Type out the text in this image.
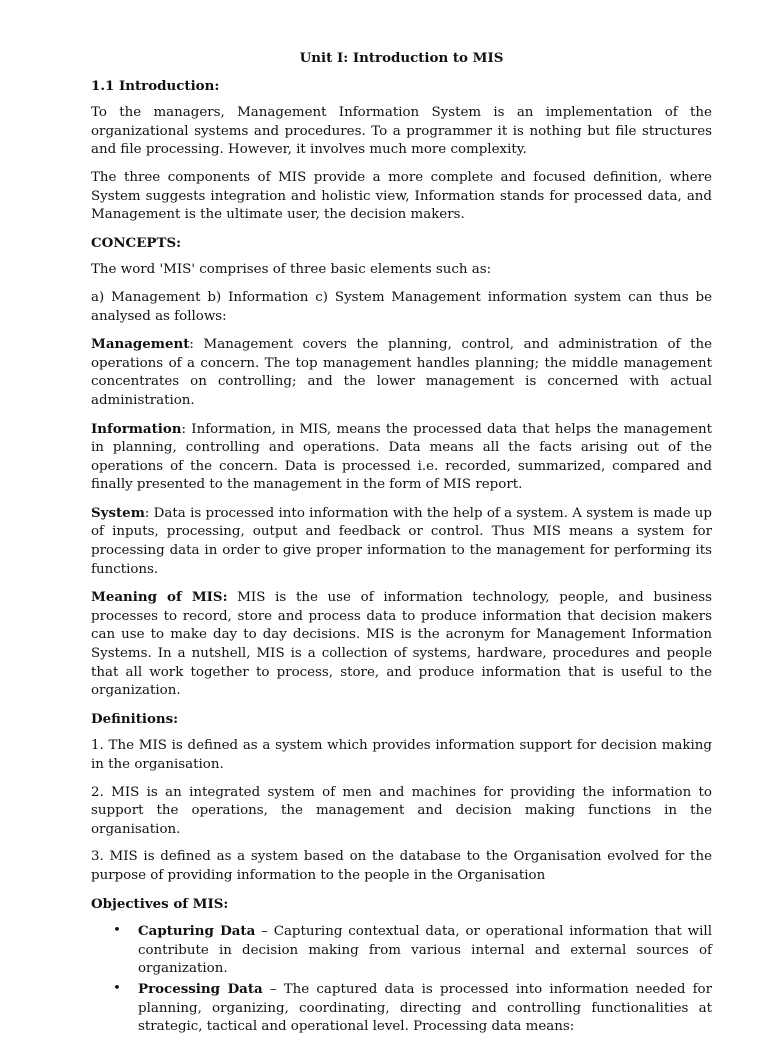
Unit I: Introduction to MIS
1.1 Introduction:

To the managers, Management Information System is an implementation of the organizational systems and procedures. To a programmer it is nothing but file structures and file processing. However, it involves much more complexity.

The three components of MIS provide a more complete and focused definition, where System suggests integration and holistic view, Information stands for processed data, and Management is the ultimate user, the decision makers.

CONCEPTS:

The word 'MIS' comprises of three basic elements such as:

a) Management b) Information c) System Management information system can thus be analysed as follows:

Management: Management covers the planning, control, and administration of the operations of a concern. The top management handles planning; the middle management concentrates on controlling; and the lower management is concerned with actual administration.

Information: Information, in MIS, means the processed data that helps the management in planning, controlling and operations. Data means all the facts arising out of the operations of the concern. Data is processed i.e. recorded, summarized, compared and finally presented to the management in the form of MIS report.

System: Data is processed into information with the help of a system. A system is made up of inputs, processing, output and feedback or control. Thus MIS means a system for processing data in order to give proper information to the management for performing its functions.

Meaning of MIS: MIS is the use of information technology, people, and business processes to record, store and process data to produce information that decision makers can use to make day to day decisions. MIS is the acronym for Management Information Systems. In a nutshell, MIS is a collection of systems, hardware, procedures and people that all work together to process, store, and produce information that is useful to the organization.

Definitions:

1. The MIS is defined as a system which provides information support for decision making in the organisation.

2. MIS is an integrated system of men and machines for providing the information to support the operations, the management and decision making functions in the organisation.

3. MIS is defined as a system based on the database to the Organisation evolved for the purpose of providing information to the people in the Organisation

Objectives of MIS:
• Capturing Data – Capturing contextual data, or operational information that will contribute in decision making from various internal and external sources of organization.
• Processing Data – The captured data is processed into information needed for planning, organizing, coordinating, directing and controlling functionalities at strategic, tactical and operational level. Processing data means:
